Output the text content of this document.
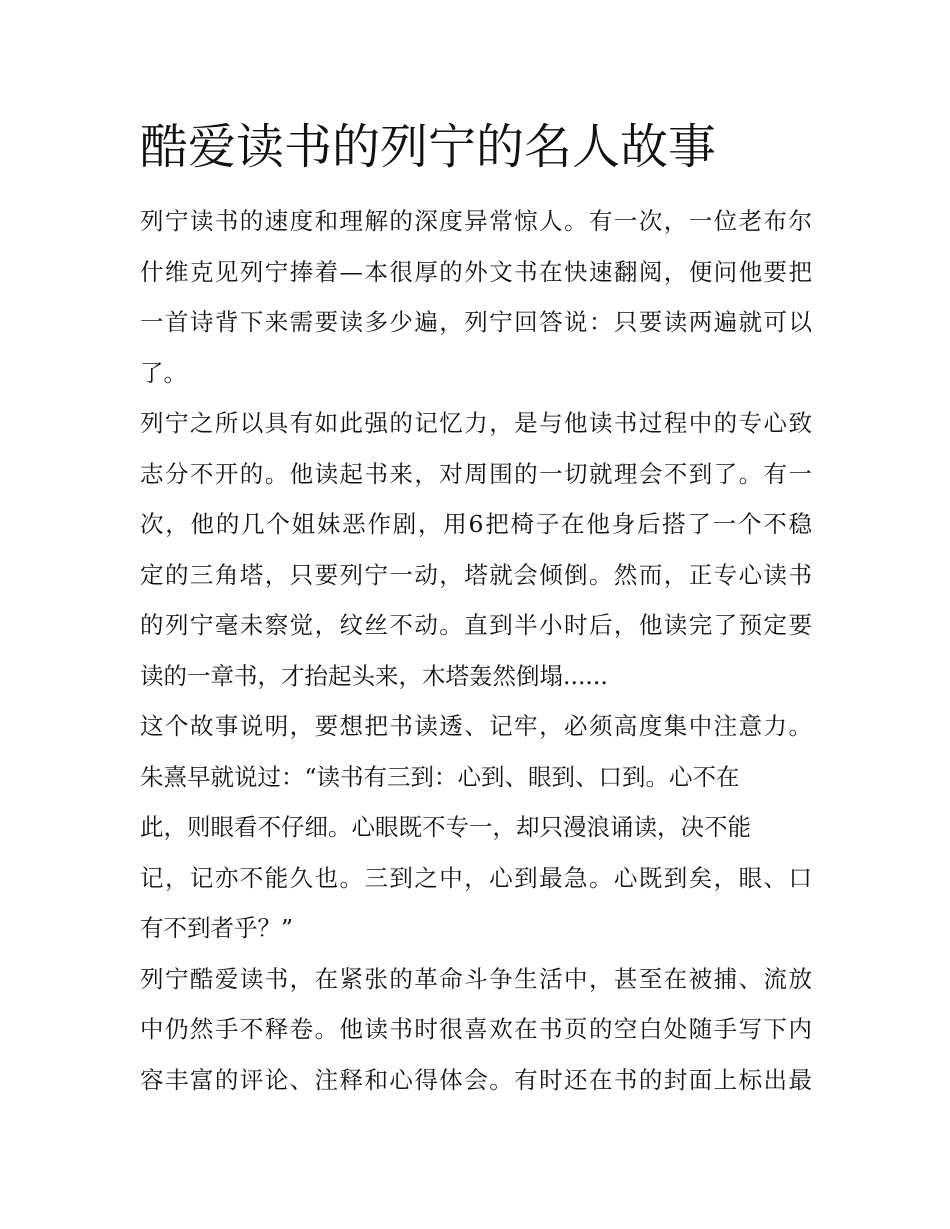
酷爱读书的列宁的名人故事
列宁读书的速度和理解的深度异常惊人。有一次，一位老布尔
什维克见列宁捧着—本很厚的外文书在快速翻阅，便问他要把
一首诗背下来需要读多少遍，列宁回答说：只要读两遍就可以
了。
列宁之所以具有如此强的记忆力，是与他读书过程中的专心致
志分不开的。他读起书来，对周围的一切就理会不到了。有一
次，他的几个姐妹恶作剧，用6把椅子在他身后搭了一个不稳
定的三角塔，只要列宁一动，塔就会倾倒。然而，正专心读书
的列宁毫未察觉，纹丝不动。直到半小时后，他读完了预定要
读的一章书，才抬起头来，木塔轰然倒塌......
这个故事说明，要想把书读透、记牢，必须高度集中注意力。
朱熹早就说过：“读书有三到：心到、眼到、口到。心不在
此，则眼看不仔细。心眼既不专一，却只漫浪诵读，决不能
记，记亦不能久也。三到之中，心到最急。心既到矣，眼、口
有不到者乎？”
列宁酷爱读书，在紧张的革命斗争生活中，甚至在被捕、流放
中仍然手不释卷。他读书时很喜欢在书页的空白处随手写下内
容丰富的评论、注释和心得体会。有时还在书的封面上标出最
